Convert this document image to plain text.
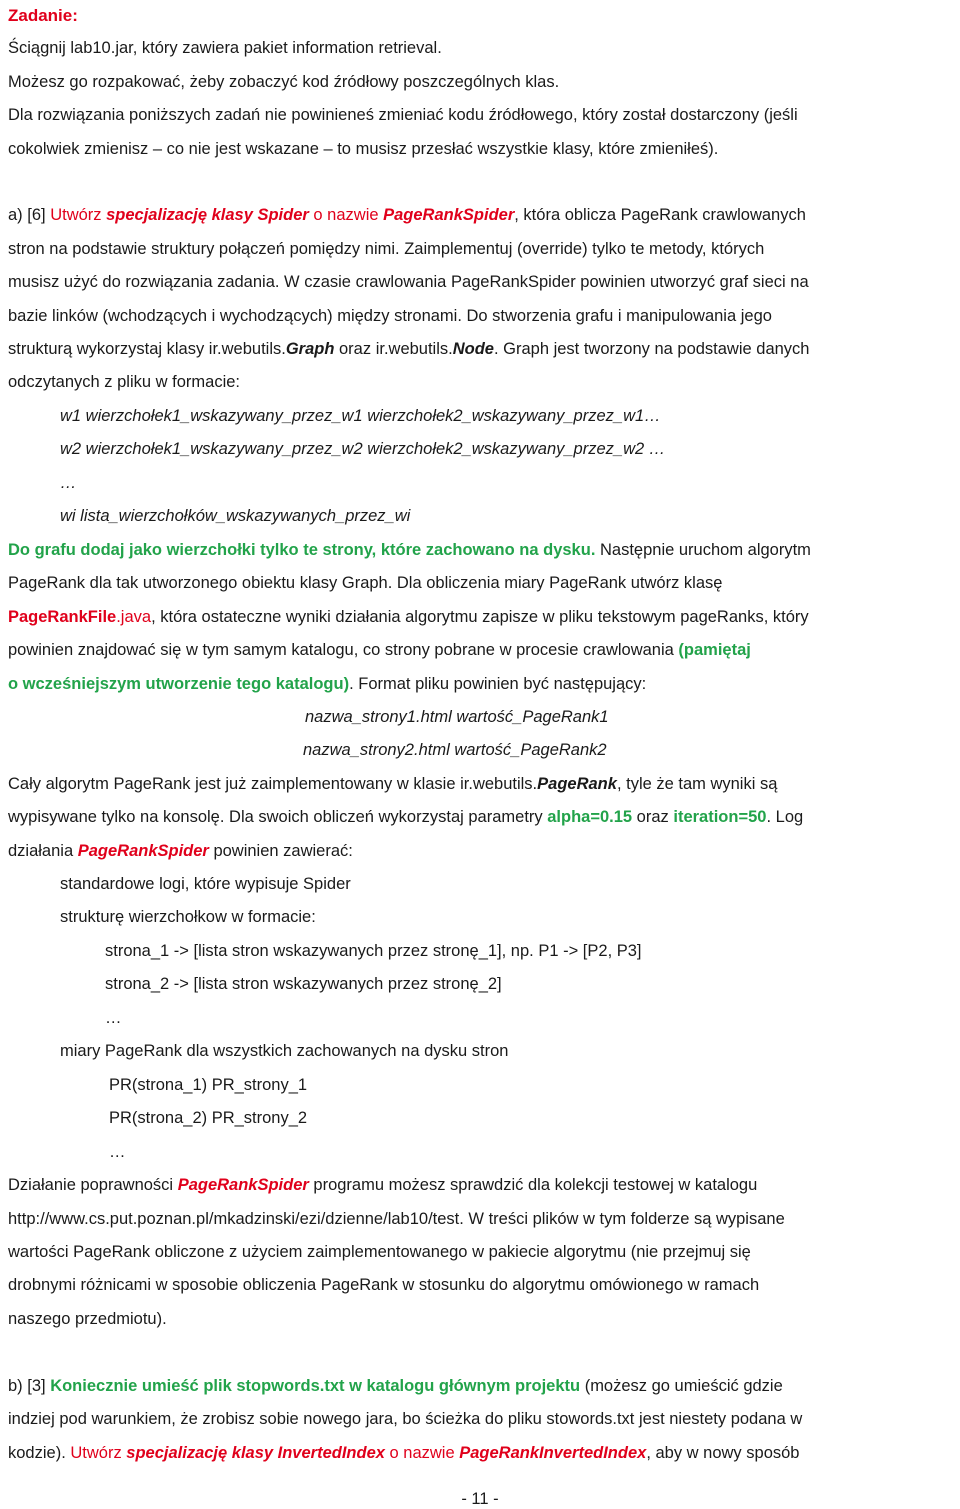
Zadanie:
Ściągnij lab10.jar, który zawiera pakiet information retrieval.
Możesz go rozpakować, żeby zobaczyć kod źródłowy poszczególnych klas.
Dla rozwiązania poniższych zadań nie powinieneś zmieniać kodu źródłowego, który został dostarczony (jeśli
cokolwiek zmienisz – co nie jest wskazane – to musisz przesłać wszystkie klasy, które zmieniłeś).
a) [6] Utwórz specjalizację klasy Spider o nazwie PageRankSpider, która oblicza PageRank crawlowanych
stron na podstawie struktury połączeń pomiędzy nimi. Zaimplementuj (override) tylko te metody, których
musisz użyć do rozwiązania zadania. W czasie crawlowania PageRankSpider powinien utworzyć graf sieci na
bazie linków (wchodzących i wychodzących) między stronami. Do stworzenia grafu i manipulowania jego
strukturą wykorzystaj klasy ir.webutils.Graph oraz ir.webutils.Node. Graph jest tworzony na podstawie danych
odczytanych z pliku w formacie:
w1 wierzchołek1_wskazywany_przez_w1 wierzchołek2_wskazywany_przez_w1…
w2 wierzchołek1_wskazywany_przez_w2 wierzchołek2_wskazywany_przez_w2 …
…
wi lista_wierzchołków_wskazywanych_przez_wi
Do grafu dodaj jako wierzchołki tylko te strony, które zachowano na dysku. Następnie uruchom algorytm
PageRank dla tak utworzonego obiektu klasy Graph. Dla obliczenia miary PageRank utwórz klasę
PageRankFile.java, która ostateczne wyniki działania algorytmu zapisze w pliku tekstowym pageRanks, który
powinien znajdować się w tym samym katalogu, co strony pobrane w procesie crawlowania (pamiętaj
o wcześniejszym utworzenie tego katalogu). Format pliku powinien być następujący:
nazwa_strony1.html wartość_PageRank1
nazwa_strony2.html wartość_PageRank2
Cały algorytm PageRank jest już zaimplementowany w klasie ir.webutils.PageRank, tyle że tam wyniki są
wypisywane tylko na konsolę. Dla swoich obliczeń wykorzystaj parametry alpha=0.15 oraz iteration=50. Log
działania PageRankSpider powinien zawierać:
standardowe logi, które wypisuje Spider
strukturę wierzchołkow w formacie:
strona_1 -> [lista stron wskazywanych przez stronę_1], np. P1 -> [P2, P3]
strona_2 -> [lista stron wskazywanych przez stronę_2]
…
miary PageRank dla wszystkich zachowanych na dysku stron
PR(strona_1) PR_strony_1
PR(strona_2) PR_strony_2
…
Działanie poprawności PageRankSpider programu możesz sprawdzić dla kolekcji testowej w katalogu
http://www.cs.put.poznan.pl/mkadzinski/ezi/dzienne/lab10/test. W treści plików w tym folderze są wypisane
wartości PageRank obliczone z użyciem zaimplementowanego w pakiecie algorytmu (nie przejmuj się
drobnymi różnicami w sposobie obliczenia PageRank w stosunku do algorytmu omówionego w ramach
naszego przedmiotu).
b) [3] Koniecznie umieść plik stopwords.txt w katalogu głównym projektu (możesz go umieścić gdzie
indziej pod warunkiem, że zrobisz sobie nowego jara, bo ścieżka do pliku stowords.txt jest niestety podana w
kodzie). Utwórz specjalizację klasy InvertedIndex o nazwie PageRankInvertedIndex, aby w nowy sposób
- 11 -
